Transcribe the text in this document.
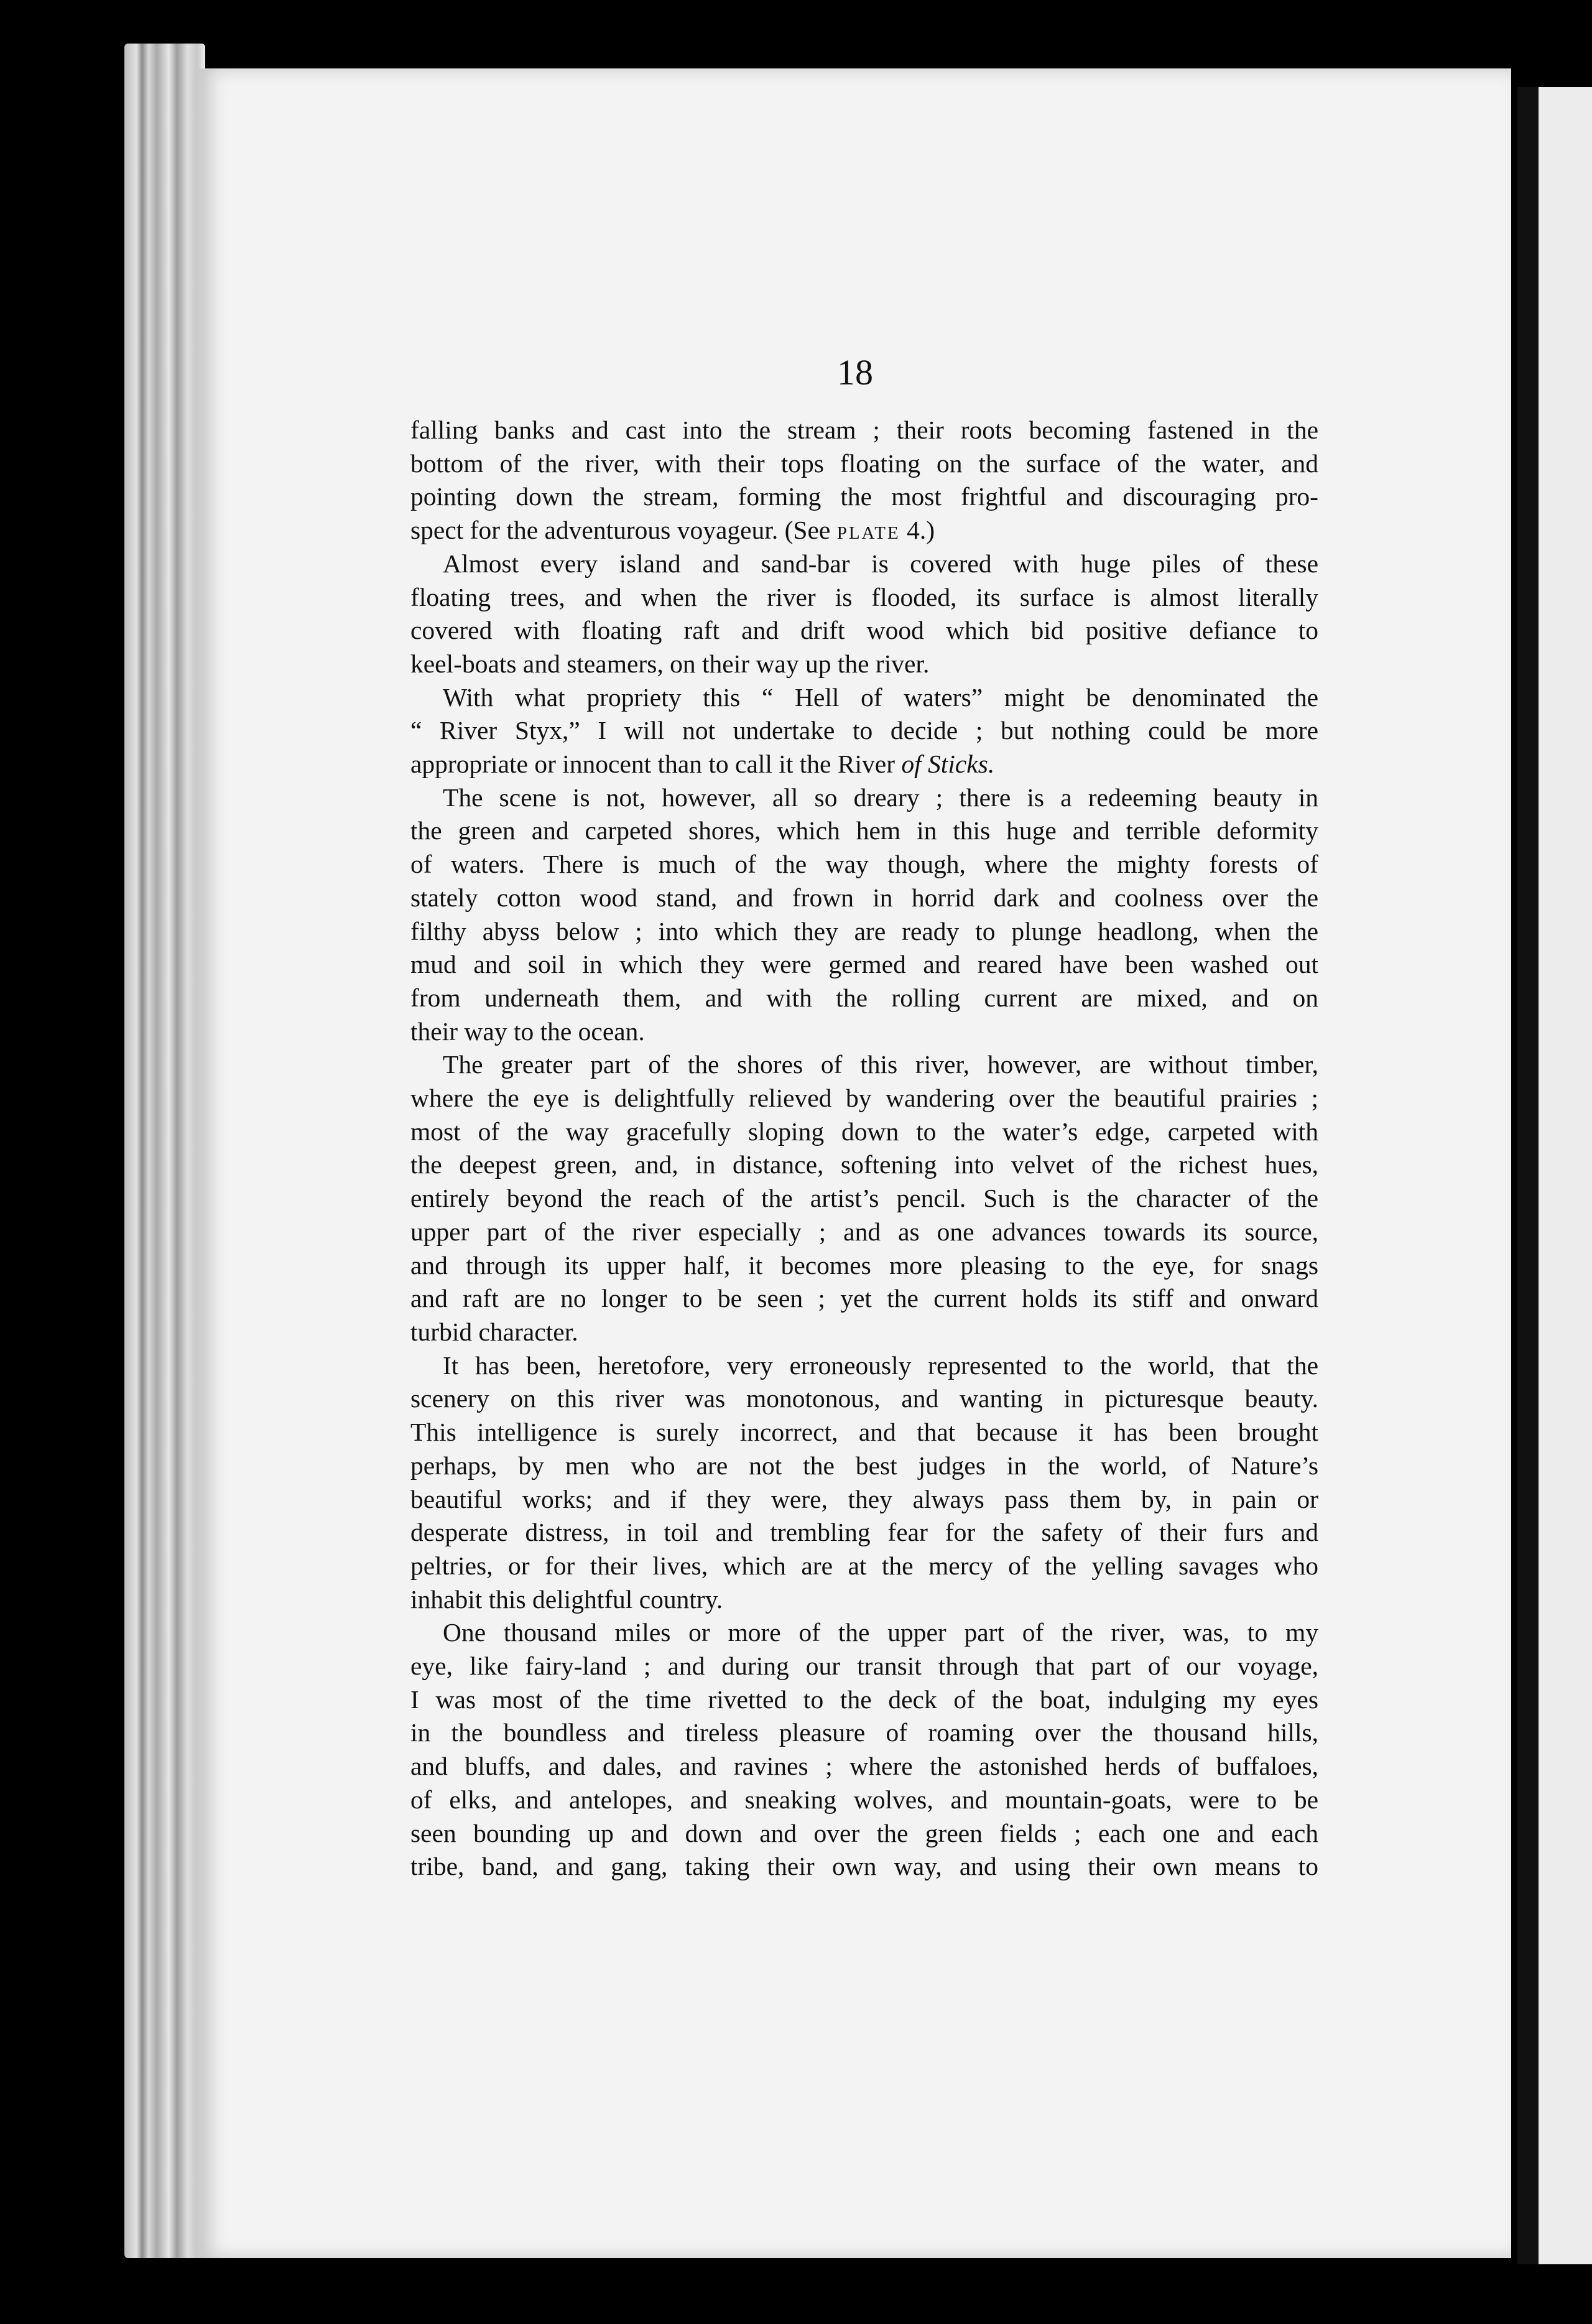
18

falling banks and cast into the stream ; their roots becoming fastened in the
bottom of the river, with their tops floating on the surface of the water, and
pointing down the stream, forming the most frightful and discouraging pro-
spect for the adventurous voyageur. (See plate 4.)
Almost every island and sand-bar is covered with huge piles of these
floating trees, and when the river is flooded, its surface is almost literally
covered with floating raft and drift wood which bid positive defiance to
keel-boats and steamers, on their way up the river.
With what propriety this “ Hell of waters” might be denominated the
“ River Styx,” I will not undertake to decide ; but nothing could be more
appropriate or innocent than to call it the River of Sticks.
The scene is not, however, all so dreary ; there is a redeeming beauty in
the green and carpeted shores, which hem in this huge and terrible deformity
of waters. There is much of the way though, where the mighty forests of
stately cotton wood stand, and frown in horrid dark and coolness over the
filthy abyss below ; into which they are ready to plunge headlong, when the
mud and soil in which they were germed and reared have been washed out
from underneath them, and with the rolling current are mixed, and on
their way to the ocean.
The greater part of the shores of this river, however, are without timber,
where the eye is delightfully relieved by wandering over the beautiful prairies ;
most of the way gracefully sloping down to the water’s edge, carpeted with
the deepest green, and, in distance, softening into velvet of the richest hues,
entirely beyond the reach of the artist’s pencil. Such is the character of the
upper part of the river especially ; and as one advances towards its source,
and through its upper half, it becomes more pleasing to the eye, for snags
and raft are no longer to be seen ; yet the current holds its stiff and onward
turbid character.
It has been, heretofore, very erroneously represented to the world, that the
scenery on this river was monotonous, and wanting in picturesque beauty.
This intelligence is surely incorrect, and that because it has been brought
perhaps, by men who are not the best judges in the world, of Nature’s
beautiful works; and if they were, they always pass them by, in pain or
desperate distress, in toil and trembling fear for the safety of their furs and
peltries, or for their lives, which are at the mercy of the yelling savages who
inhabit this delightful country.
One thousand miles or more of the upper part of the river, was, to my
eye, like fairy-land ; and during our transit through that part of our voyage,
I was most of the time rivetted to the deck of the boat, indulging my eyes
in the boundless and tireless pleasure of roaming over the thousand hills,
and bluffs, and dales, and ravines ; where the astonished herds of buffaloes,
of elks, and antelopes, and sneaking wolves, and mountain-goats, were to be
seen bounding up and down and over the green fields ; each one and each
tribe, band, and gang, taking their own way, and using their own means to
